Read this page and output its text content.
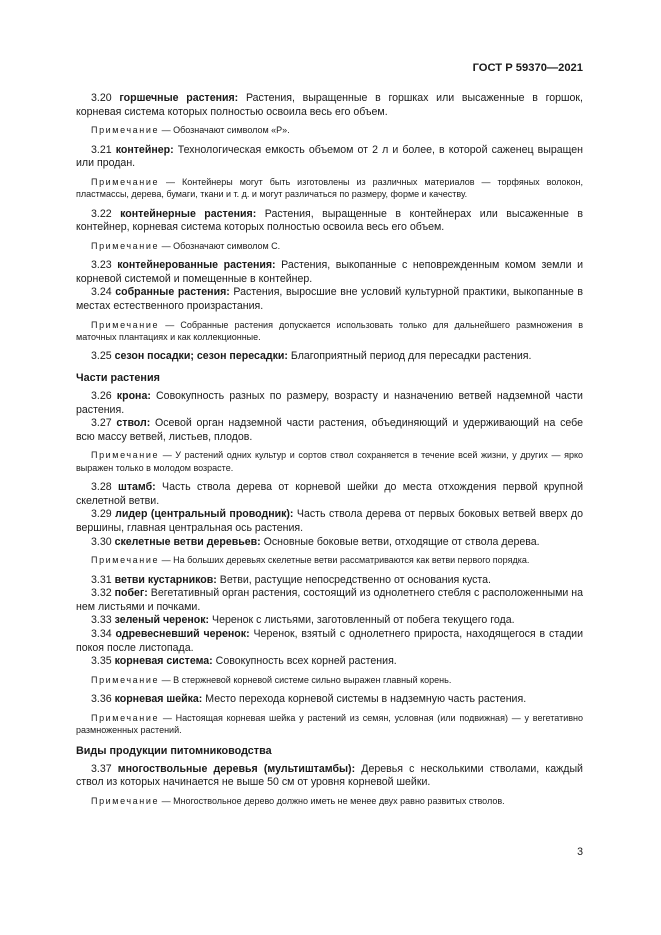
ГОСТ Р 59370—2021
3.20 горшечные растения: Растения, выращенные в горшках или высаженные в горшок, корневая система которых полностью освоила весь его объем.
Примечание — Обозначают символом «P».
3.21 контейнер: Технологическая емкость объемом от 2 л и более, в которой саженец выращен или продан.
Примечание — Контейнеры могут быть изготовлены из различных материалов — торфяных волокон, пластмассы, дерева, бумаги, ткани и т. д. и могут различаться по размеру, форме и качеству.
3.22 контейнерные растения: Растения, выращенные в контейнерах или высаженные в контейнер, корневая система которых полностью освоила весь его объем.
Примечание — Обозначают символом С.
3.23 контейнерованные растения: Растения, выкопанные с неповрежденным комом земли и корневой системой и помещенные в контейнер.
3.24 собранные растения: Растения, выросшие вне условий культурной практики, выкопанные в местах естественного произрастания.
Примечание — Собранные растения допускается использовать только для дальнейшего размножения в маточных плантациях и как коллекционные.
3.25 сезон посадки; сезон пересадки: Благоприятный период для пересадки растения.
Части растения
3.26 крона: Совокупность разных по размеру, возрасту и назначению ветвей надземной части растения.
3.27 ствол: Осевой орган надземной части растения, объединяющий и удерживающий на себе всю массу ветвей, листьев, плодов.
Примечание — У растений одних культур и сортов ствол сохраняется в течение всей жизни, у других — ярко выражен только в молодом возрасте.
3.28 штамб: Часть ствола дерева от корневой шейки до места отхождения первой крупной скелетной ветви.
3.29 лидер (центральный проводник): Часть ствола дерева от первых боковых ветвей вверх до вершины, главная центральная ось растения.
3.30 скелетные ветви деревьев: Основные боковые ветви, отходящие от ствола дерева.
Примечание — На больших деревьях скелетные ветви рассматриваются как ветви первого порядка.
3.31 ветви кустарников: Ветви, растущие непосредственно от основания куста.
3.32 побег: Вегетативный орган растения, состоящий из однолетнего стебля с расположенными на нем листьями и почками.
3.33 зеленый черенок: Черенок с листьями, заготовленный от побега текущего года.
3.34 одревесневший черенок: Черенок, взятый с однолетнего прироста, находящегося в стадии покоя после листопада.
3.35 корневая система: Совокупность всех корней растения.
Примечание — В стержневой корневой системе сильно выражен главный корень.
3.36 корневая шейка: Место перехода корневой системы в надземную часть растения.
Примечание — Настоящая корневая шейка у растений из семян, условная (или подвижная) — у вегетативно размноженных растений.
Виды продукции питомниководства
3.37 многоствольные деревья (мультиштамбы): Деревья с несколькими стволами, каждый ствол из которых начинается не выше 50 см от уровня корневой шейки.
Примечание — Многоствольное дерево должно иметь не менее двух равно развитых стволов.
3
